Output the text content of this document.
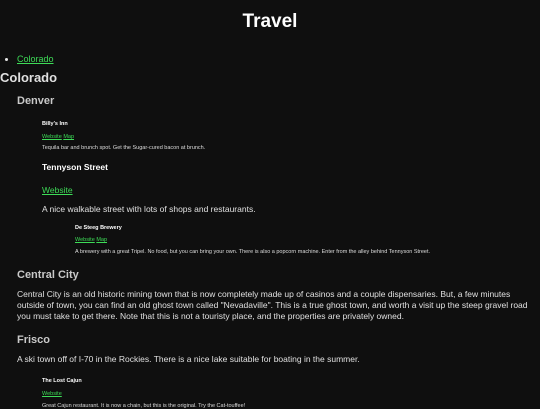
Travel
• Colorado
Colorado
Denver
Billy's Inn
Website Map
Tequila bar and brunch spot. Get the Sugar-cured bacon at brunch.
Tennyson Street
Website
A nice walkable street with lots of shops and restaurants.
De Steeg Brewery
Website Map
A brewery with a great Tripel. No food, but you can bring your own. There is also a popcorn machine. Enter from the alley behind Tennyson Street.
Central City

Central City is an old historic mining town that is now completely made up of casinos and a couple dispensaries. But, a few minutes outside of town, you can find an old ghost town called "Nevadaville". This is a true ghost town, and worth a visit up the steep gravel road you must take to get there. Note that this is not a touristy place, and the properties are privately owned.

Frisco

A ski town off of I-70 in the Rockies. There is a nice lake suitable for boating in the summer.

The Lost Cajun
Website
Great Cajun restaurant. It is now a chain, but this is the original. Try the Cat-touffee!
